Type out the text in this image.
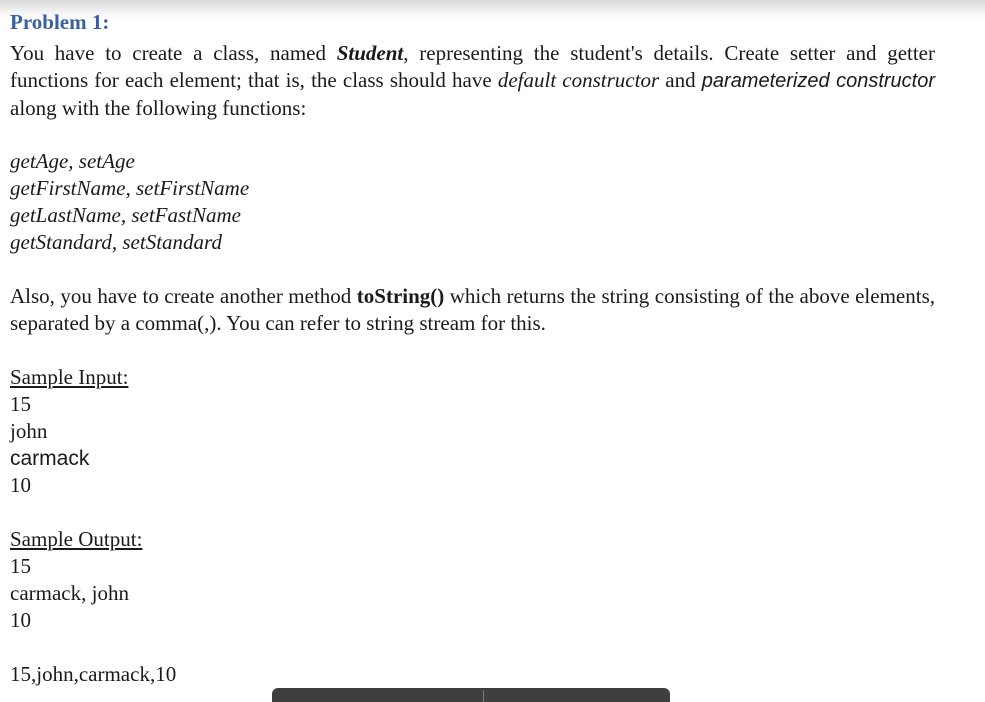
Problem 1:

You have to create a class, named Student, representing the student's details. Create setter and getter functions for each element; that is, the class should have default constructor and parameterized constructor along with the following functions:

getAge, setAge
getFirstName, setFirstName
getLastName, setFastName
getStandard, setStandard

Also, you have to create another method toString() which returns the string consisting of the above elements, separated by a comma(,). You can refer to string stream for this.

Sample Input:
15
john
carmack
10
Sample Output:
15
carmack, john
10
15,john,carmack,10
